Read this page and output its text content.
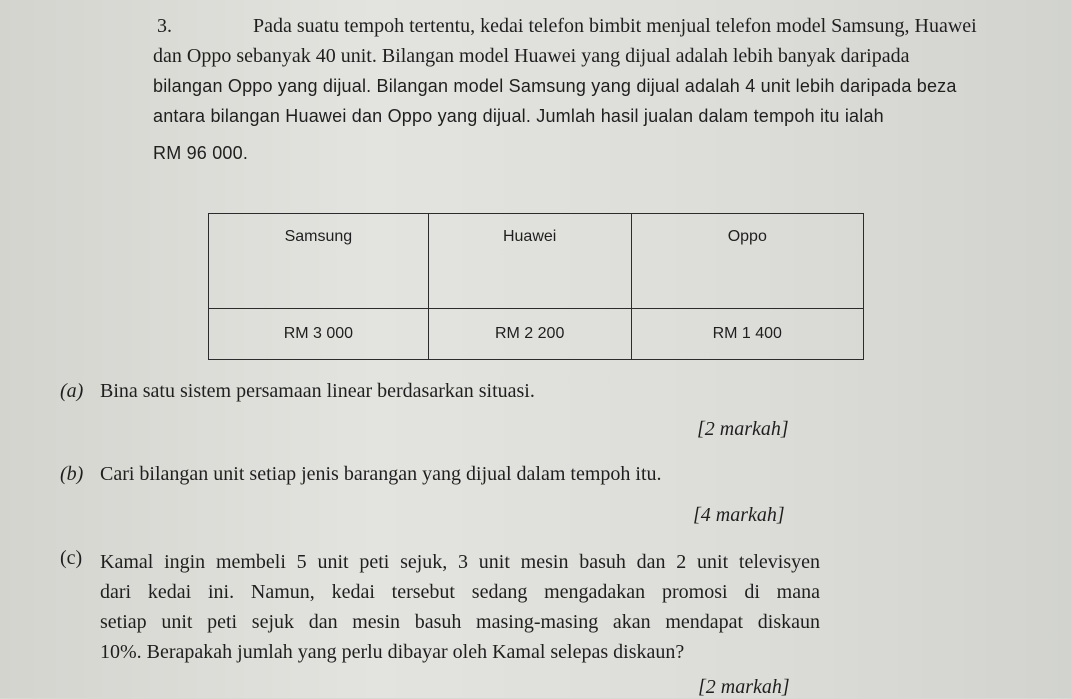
3.	Pada suatu tempoh tertentu, kedai telefon bimbit menjual telefon model Samsung, Huawei
dan Oppo sebanyak 40 unit. Bilangan model Huawei yang dijual adalah lebih banyak daripada
bilangan Oppo yang dijual. Bilangan model Samsung yang dijual adalah 4 unit lebih daripada beza
antara bilangan Huawei dan Oppo yang dijual. Jumlah hasil jualan dalam tempoh itu ialah
RM 96 000.
Samsung	Huawei	Oppo
RM 3 000	RM 2 200	RM 1 400
(a) Bina satu sistem persamaan linear berdasarkan situasi.
[2 markah]
(b) Cari bilangan unit setiap jenis barangan yang dijual dalam tempoh itu.
[4 markah]
(c) Kamal ingin membeli 5 unit peti sejuk, 3 unit mesin basuh dan 2 unit televisyen
dari kedai ini. Namun, kedai tersebut sedang mengadakan promosi di mana
setiap unit peti sejuk dan mesin basuh masing-masing akan mendapat diskaun
10%. Berapakah jumlah yang perlu dibayar oleh Kamal selepas diskaun?
[2 markah]
